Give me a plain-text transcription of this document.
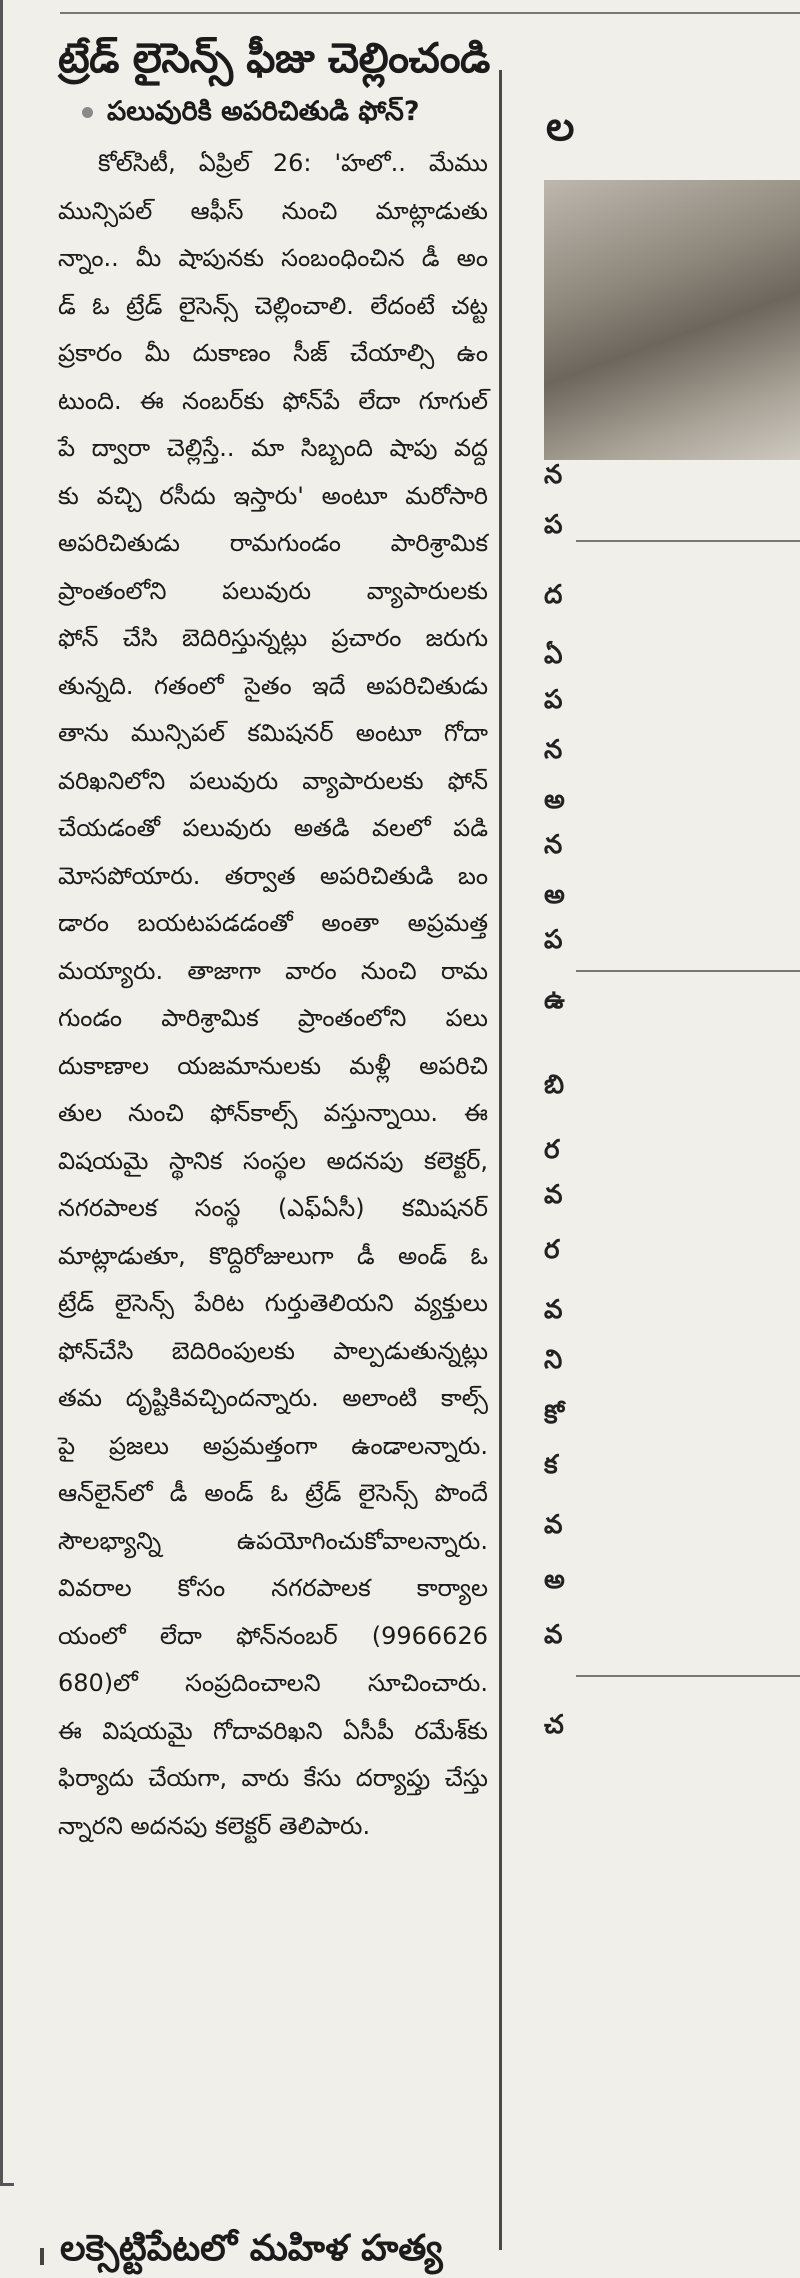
ట్రేడ్ లైసెన్స్ ఫీజు చెల్లించండి
పలువురికి అపరిచితుడి ఫోన్?
కోల్‌సిటీ, ఏప్రిల్ 26: 'హలో.. మేము
మున్సిపల్ ఆఫీస్ నుంచి మాట్లాడుతు
న్నాం.. మీ షాపునకు సంబంధించిన డీ అం
డ్ ఓ ట్రేడ్ లైసెన్స్ చెల్లించాలి. లేదంటే చట్ట
ప్రకారం మీ దుకాణం సీజ్ చేయాల్సి ఉం
టుంది. ఈ నంబర్‌కు ఫోన్‌పే లేదా గూగుల్
పే ద్వారా చెల్లిస్తే.. మా సిబ్బంది షాపు వద్ద
కు వచ్చి రసీదు ఇస్తారు' అంటూ మరోసారి
అపరిచితుడు రామగుండం పారిశ్రామిక
ప్రాంతంలోని పలువురు వ్యాపారులకు
ఫోన్ చేసి బెదిరిస్తున్నట్లు ప్రచారం జరుగు
తున్నది. గతంలో సైతం ఇదే అపరిచితుడు
తాను మున్సిపల్ కమిషనర్ అంటూ గోదా
వరిఖనిలోని పలువురు వ్యాపారులకు ఫోన్
చేయడంతో పలువురు అతడి వలలో పడి
మోసపోయారు. తర్వాత అపరిచితుడి బం
డారం బయటపడడంతో అంతా అప్రమత్త
మయ్యారు. తాజాగా వారం నుంచి రామ
గుండం పారిశ్రామిక ప్రాంతంలోని పలు
దుకాణాల యజమానులకు మళ్లీ అపరిచి
తుల నుంచి ఫోన్‌కాల్స్ వస్తున్నాయి. ఈ
విషయమై స్థానిక సంస్థల అదనపు కలెక్టర్,
నగరపాలక సంస్థ (ఎఫ్‌ఏసీ) కమిషనర్
మాట్లాడుతూ, కొద్దిరోజులుగా డీ అండ్ ఓ
ట్రేడ్ లైసెన్స్ పేరిట గుర్తుతెలియని వ్యక్తులు
ఫోన్‌చేసి బెదిరింపులకు పాల్పడుతున్నట్లు
తమ దృష్టికివచ్చిందన్నారు. అలాంటి కాల్స్
పై ప్రజలు అప్రమత్తంగా ఉండాలన్నారు.
ఆన్‌లైన్‌లో డీ అండ్ ఓ ట్రేడ్ లైసెన్స్ పొందే
సౌలభ్యాన్ని ఉపయోగించుకోవాలన్నారు.
వివరాల కోసం నగరపాలక కార్యాల
యంలో లేదా ఫోన్‌నంబర్ (9966626
680)లో సంప్రదించాలని సూచించారు.
ఈ విషయమై గోదావరిఖని ఏసీపీ రమేశ్‌కు
ఫిర్యాదు చేయగా, వారు కేసు దర్యాప్తు చేస్తు
న్నారని అదనపు కలెక్టర్ తెలిపారు.
లక్సెట్టిపేటలో మహిళ హత్య
ల
న
ప
ద
ఏ
ప
న
అ
న
అ
ప
ఉ
బి
ర
వ
ర
వ
ని
కో
క
వ
అ
వ
చ
